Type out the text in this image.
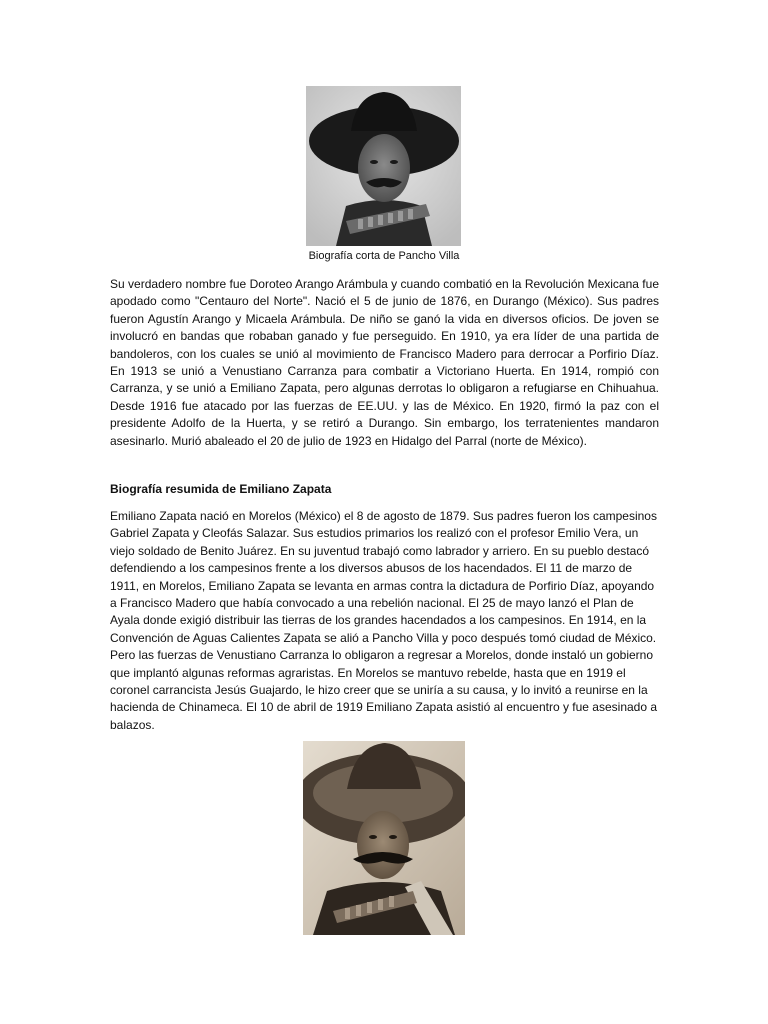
Biografía corta de Pancho Villa

Su verdadero nombre fue Doroteo Arango Arámbula y cuando combatió en la Revolución Mexicana fue apodado como "Centauro del Norte". Nació el 5 de junio de 1876, en Durango (México). Sus padres fueron Agustín Arango y Micaela Arámbula. De niño se ganó la vida en diversos oficios. De joven se involucró en bandas que robaban ganado y fue perseguido. En 1910, ya era líder de una partida de bandoleros, con los cuales se unió al movimiento de Francisco Madero para derrocar a Porfirio Díaz. En 1913 se unió a Venustiano Carranza para combatir a Victoriano Huerta. En 1914, rompió con Carranza, y se unió a Emiliano Zapata, pero algunas derrotas lo obligaron a refugiarse en Chihuahua. Desde 1916 fue atacado por las fuerzas de EE.UU. y las de México. En 1920, firmó la paz con el presidente Adolfo de la Huerta, y se retiró a Durango. Sin embargo, los terratenientes mandaron asesinarlo. Murió abaleado el 20 de julio de 1923 en Hidalgo del Parral (norte de México).

Biografía resumida de Emiliano Zapata

Emiliano Zapata nació en Morelos (México) el 8 de agosto de 1879. Sus padres fueron los campesinos Gabriel Zapata y Cleofás Salazar. Sus estudios primarios los realizó con el profesor Emilio Vera, un viejo soldado de Benito Juárez. En su juventud trabajó como labrador y arriero. En su pueblo destacó defendiendo a los campesinos frente a los diversos abusos de los hacendados. El 11 de marzo de 1911, en Morelos, Emiliano Zapata se levanta en armas contra la dictadura de Porfirio Díaz, apoyando a Francisco Madero que había convocado a una rebelión nacional. El 25 de mayo lanzó el Plan de Ayala donde exigió distribuir las tierras de los grandes hacendados a los campesinos. En 1914, en la Convención de Aguas Calientes Zapata se alió a Pancho Villa y poco después tomó ciudad de México. Pero las fuerzas de Venustiano Carranza lo obligaron a regresar a Morelos, donde instaló un gobierno que implantó algunas reformas agraristas. En Morelos se mantuvo rebelde, hasta que en 1919 el coronel carrancista Jesús Guajardo, le hizo creer que se uniría a su causa, y lo invitó a reunirse en la hacienda de Chinameca. El 10 de abril de 1919 Emiliano Zapata asistió al encuentro y fue asesinado a balazos.
